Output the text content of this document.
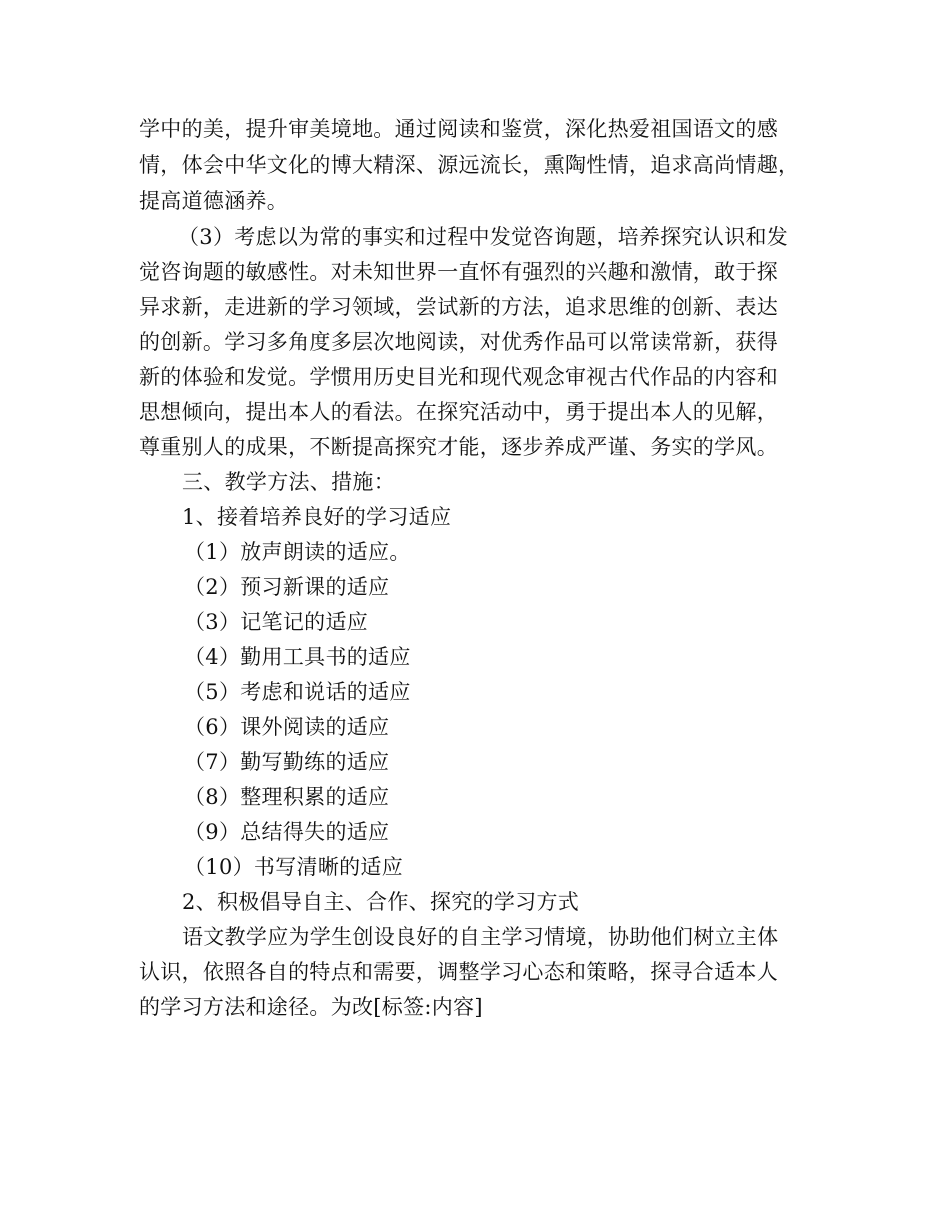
学中的美，提升审美境地。通过阅读和鉴赏，深化热爱祖国语文的感
情，体会中华文化的博大精深、源远流长，熏陶性情，追求高尚情趣，
提高道德涵养。
（3）考虑以为常的事实和过程中发觉咨询题，培养探究认识和发
觉咨询题的敏感性。对未知世界一直怀有强烈的兴趣和激情，敢于探
异求新，走进新的学习领域，尝试新的方法，追求思维的创新、表达
的创新。学习多角度多层次地阅读，对优秀作品可以常读常新，获得
新的体验和发觉。学惯用历史目光和现代观念审视古代作品的内容和
思想倾向，提出本人的看法。在探究活动中，勇于提出本人的见解，
尊重别人的成果，不断提高探究才能，逐步养成严谨、务实的学风。
三、教学方法、措施：
1、接着培养良好的学习适应
（1）放声朗读的适应。
（2）预习新课的适应
（3）记笔记的适应
（4）勤用工具书的适应
（5）考虑和说话的适应
（6）课外阅读的适应
（7）勤写勤练的适应
（8）整理积累的适应
（9）总结得失的适应
（10）书写清晰的适应
2、积极倡导自主、合作、探究的学习方式
语文教学应为学生创设良好的自主学习情境，协助他们树立主体
认识，依照各自的特点和需要，调整学习心态和策略，探寻合适本人
的学习方法和途径。为改[标签:内容]
